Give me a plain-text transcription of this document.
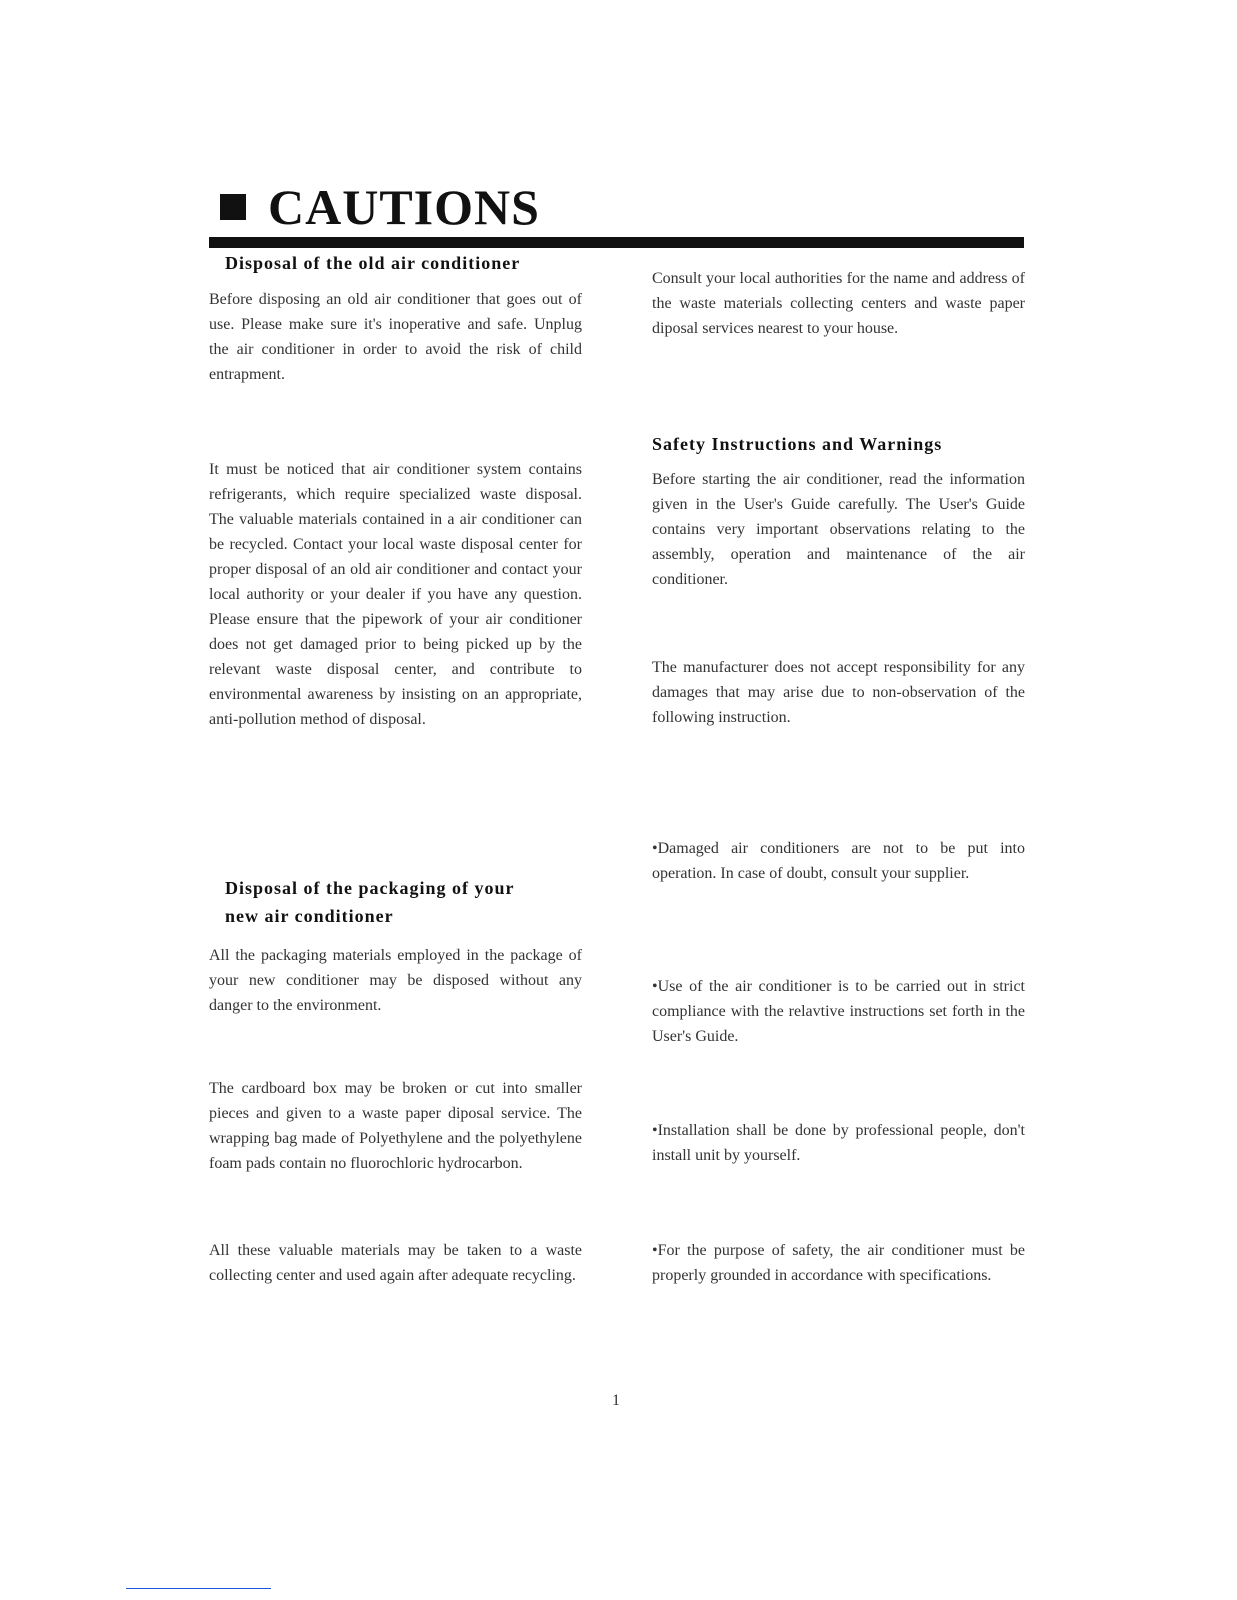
CAUTIONS
Disposal of the old air conditioner

Before disposing an old air conditioner that goes out of use. Please make sure it's inoperative and safe. Unplug the air conditioner in order to avoid the risk of child entrapment.

It must be noticed that air conditioner system contains refrigerants, which require specialized waste disposal. The valuable materials contained in a air conditioner can be recycled. Contact your local waste disposal center for proper disposal of an old air conditioner and contact your local authority or your dealer if you have any question. Please ensure that the pipework of your air conditioner does not get damaged prior to being picked up by the relevant waste disposal center, and contribute to environmental awareness by insisting on an appropriate, anti-pollution method of disposal.

Disposal of the packaging of your
new air conditioner

All the packaging materials employed in the package of your new conditioner may be disposed without any danger to the environment.

The cardboard box may be broken or cut into smaller pieces and given to a waste paper diposal service. The wrapping bag made of Polyethylene and the polyethylene foam pads contain no fluorochloric hydrocarbon.

All these valuable materials may be taken to a waste collecting center and used again after adequate recycling.

Consult your local authorities for the name and address of the waste materials collecting centers and waste paper diposal services nearest to your house.

Safety Instructions and Warnings

Before starting the air conditioner, read the information given in the User's Guide carefully. The User's Guide contains very important observations relating to the assembly, operation and maintenance of the air conditioner.

The manufacturer does not accept responsibility for any damages that may arise due to non-observation of the following instruction.

•Damaged air conditioners are not to be put into operation. In case of doubt, consult your supplier.

•Use of the air conditioner is to be carried out in strict compliance with the relavtive instructions set forth in the User's Guide.

•Installation shall be done by professional people, don't install unit by yourself.

•For the purpose of safety, the air conditioner must be properly grounded in accordance with specifications.

1
